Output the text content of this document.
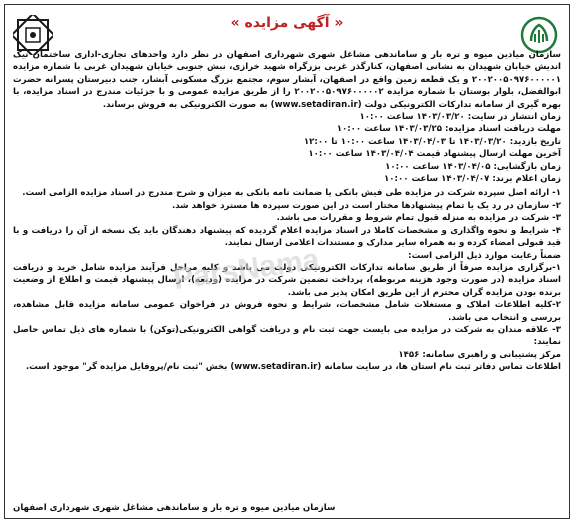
« آگهی مزایده »

سازمان میادین میوه و تره بار و ساماندهی مشاغل شهری شهرداری اصفهان در نظر دارد واحدهای تجاری-اداری ساختمان نیک اندیش خیابان شهیدان به نشانی اصفهان، کنارگذر غربی بزرگراه شهید خرازی، نبش جنوبی خیابان شهیدان غربی با شماره مزایده ۲۰۰۲۰۰۵۰۹۷۶۰۰۰۰۰۱ و یک قطعه زمین واقع در اصفهان، آبشار سوم، مجتمع بزرگ مسکونی آبشار، جنب دبیرستان پسرانه حضرت ابوالفضل، بلوار بوستان با شماره مزایده ۲۰۰۲۰۰۵۰۹۷۶۰۰۰۰۰۲ را از طریق مزایده عمومی و با جزئیات مندرج در اسناد مزایده، با بهره گیری از سامانه تدارکات الکترونیکی دولت (www.setadiran.ir) به صورت الکترونیکی به فروش برساند.

زمان انتشار در سایت: ۱۴۰۳/۰۳/۲۰ ساعت ۱۰:۰۰

مهلت دریافت اسناد مزایده: ۱۴۰۳/۰۳/۲۵ ساعت ۱۰:۰۰

تاریخ بازدید: ۱۴۰۳/۰۳/۲۰ تا ۱۴۰۳/۰۴/۰۳ ساعت ۱۰:۰۰ تا ۱۲:۰۰

آخرین مهلت ارسال پیشنهاد قیمت ۱۴۰۳/۰۴/۰۴ ساعت ۱۰:۰۰

زمان بازگشایی: ۱۴۰۳/۰۴/۰۵ ساعت ۱۰:۰۰

زمان اعلام برند: ۱۴۰۳/۰۴/۰۷ ساعت ۱۰:۰۰

۱- ارائه اصل سپرده شرکت در مزایده طی فیش بانکی یا ضمانت نامه بانکی به میزان و شرح مندرج در اسناد مزایده الزامی است.

۲- سازمان در رد یک یا تمام پیشنهادها مختار است در این صورت سپرده ها مسترد خواهد شد.

۳- شرکت در مزایده به منزله قبول تمام شروط و مقررات می باشد.

۴- شرایط و نحوه واگذاری و مشخصات کاملا در اسناد مزایده اعلام گردیده که پیشنهاد دهندگان باید یک نسخه از آن را دریافت و با قید قبولی امضاء کرده و به همراه سایر مدارک و مستندات اعلامی ارسال نمایند.

ضمناً رعایت موارد ذیل الزامی است:

۱-برگزاری مزایده صرفاً از طریق سامانه تدارکات الکترونیکی دولت می باشد و کلیه مراحل فرآیند مزایده شامل خرید و دریافت اسناد مزایده (در صورت وجود هزینه مربوطه)، پرداخت تضمین شرکت در مزایده (ودیعه)، ارسال پیشنهاد قیمت و اطلاع از وضعیت برنده بودن مزایده گران محترم از این طریق امکان پذیر می باشد.

۲-کلیه اطلاعات املاک و مستغلات شامل مشخصات، شرایط و نحوه فروش در فراخوان عمومی سامانه مزایده قابل مشاهده، بررسی و انتخاب می باشد.

۳- علاقه مندان به شرکت در مزایده می بایست جهت ثبت نام و دریافت گواهی الکترونیکی(توکن) با شماره های ذیل تماس حاصل نمایند:

مرکز پشتیبانی و راهبری سامانه: ۱۴۵۶

اطلاعات تماس دفاتر ثبت نام استان ها، در سایت سامانه (www.setadiran.ir) بخش "ثبت نام/پروفایل مزایده گر" موجود است.

سازمان میادین میوه و تره بار و ساماندهی مشاغل شهری شهرداری اصفهان
ParsNama
